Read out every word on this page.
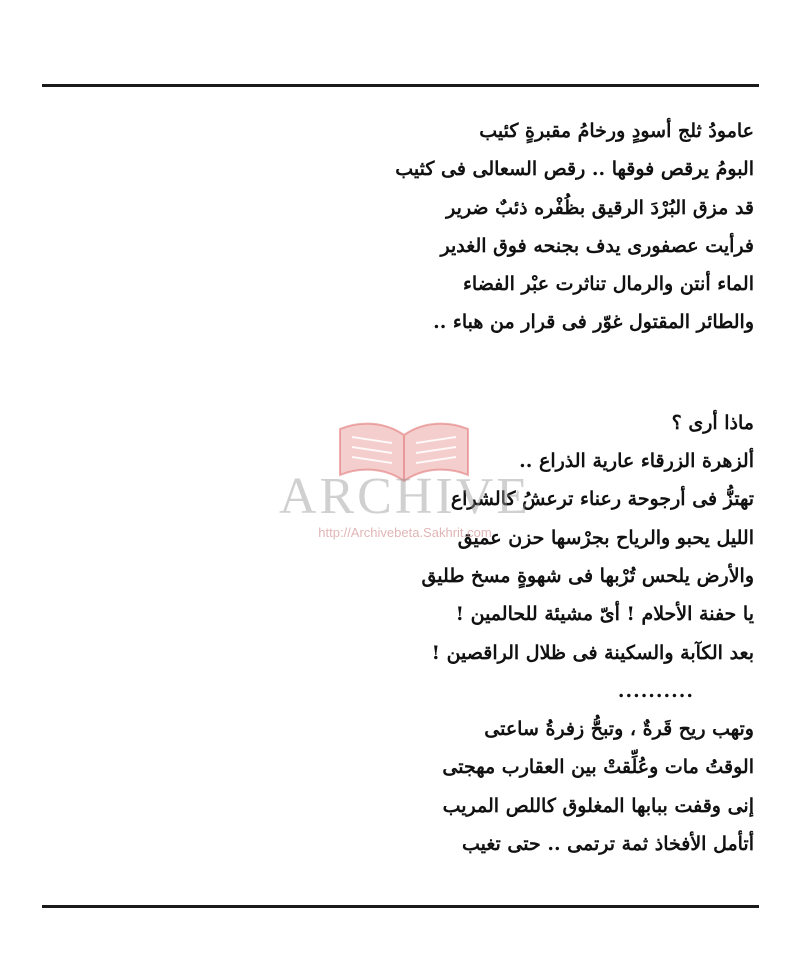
عامودُ ثلج أسودٍ ورخامُ مقبرةٍ كئيب
البومُ يرقص فوقها .. رقص السعالى فى كثيب
قد مزق البُرْدَ الرقيق بظُفْره ذئبٌ ضرير
فرأيت عصفورى يدف بجنحه فوق الغدير
الماء أنتن والرمال تناثرت عبْر الفضاء
والطائر المقتول غوّر فى قرار من هباء ..
ماذا أرى ؟
ألزهرة الزرقاء عارية الذراع ..
تهتزُّ فى أرجوحة رعناء ترعشُ كالشراع
الليل يحبو والرياح بجرْسها حزن عميق
والأرض يلحس تُرْبها فى شهوةٍ مسخ طليق
يا حفنة الأحلام ! أىّ مشيئة للحالمين !
بعد الكآبة والسكينة فى ظلال الراقصين !
..........
وتهب ريح قَرةٌ ، وتبحُّ زفرةُ ساعتى
الوقتُ مات وعُلِّقتْ بين العقارب مهجتى
إنى وقفت ببابها المغلوق كاللص المريب
أتأمل الأفخاذ ثمة ترتمى .. حتى تغيب
ARCHIVE
http://Archivebeta.Sakhrit.com
